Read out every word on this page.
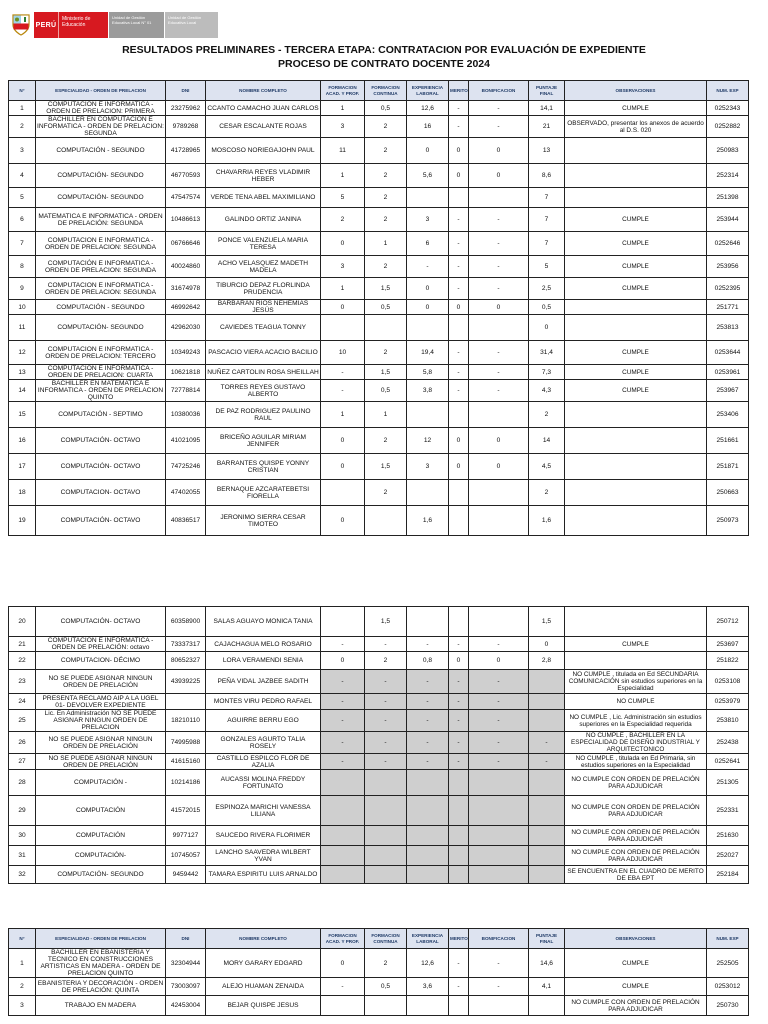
PERÚ
Ministerio de Educación
Unidad de Gestión Educativa Local N° 01
Unidad de Gestión Educativa Local
RESULTADOS PRELIMINARES - TERCERA ETAPA: CONTRATACION POR EVALUACIÓN DE EXPEDIENTE
PROCESO DE CONTRATO DOCENTE 2024
N°	ESPECIALIDAD - ORDEN DE PRELACION	DNI	NOMBRE COMPLETO	FORMACION ACAD. Y PROF.	FORMACION CONTINUA	EXPERIENCIA LABORAL	MERITO	BONIFICACION	PUNTAJE FINAL	OBSERVACIONES	NUM. EXP
1	COMPUTACION E INFORMATICA - ORDEN DE PRELACION: PRIMERA	23275962	CCANTO CAMACHO JUAN CARLOS	1	0,5	12,6	-	-	14,1	CUMPLE	0252343
2	BACHILLER EN COMPUTACION E INFORMATICA - ORDEN DE PRELACION: SEGUNDA	9789268	CESAR ESCALANTE ROJAS	3	2	16	-	-	21	OBSERVADO, presentar los anexos de acuerdo al D.S. 020	0252882
3	COMPUTACIÓN - SEGUNDO	41728965	MOSCOSO NORIEGAJOHN PAUL	11	2	0	0	0	13		250983
4	COMPUTACIÓN- SEGUNDO	46770593	CHAVARRIA REYES VLADIMIR HEBER	1	2	5,6	0	0	8,6		252314
5	COMPUTACIÓN- SEGUNDO	47547574	VERDE TENA ABEL MAXIMILIANO	5	2				7		251398
6	MATEMATICA E INFORMATICA - ORDEN DE PRELACIÓN: SEGUNDA	10486613	GALINDO ORTIZ JANINA	2	2	3	-	-	7	CUMPLE	253944
7	COMPUTACION E INFORMATICA - ORDEN DE PRELACION: SEGUNDA	06766646	PONCE VALENZUELA MARIA TERESA	0	1	6	-	-	7	CUMPLE	0252646
8	COMPUTACIÓN E INFORMATICA - ORDEN DE PRELACION: SEGUNDA	40024860	ACHO VELASQUEZ MADETH MADELA	3	2	-	-	-	5	CUMPLE	253956
9	COMPUTACION E INFORMATICA - ORDEN DE PRELACION: SEGUNDA	31674978	TIBURCIO DEPAZ FLORLINDA PRUDENCIA	1	1,5	0	-	-	2,5	CUMPLE	0252395
10	COMPUTACIÓN - SEGUNDO	46992642	BARBARAN RIOS NEHEMIAS JESÚS	0	0,5	0	0	0	0,5		251771
11	COMPUTACIÓN- SEGUNDO	42962030	CAVIEDES TEAGUA TONNY						0		253813
12	COMPUTACION E INFORMATICA - ORDEN DE PRELACION: TERCERO	10349243	PASCACIO VIERA ACACIO BACILIO	10	2	19,4	-	-	31,4	CUMPLE	0253644
13	COMPUTACION E INFORMATICA - ORDEN DE PRELACION: CUARTA	10621818	NUÑEZ CARTOLIN ROSA SHEILLAH	-	1,5	5,8	-	-	7,3	CUMPLE	0253961
14	BACHILLER EN MATEMATICA E INFORMATICA - ORDEN DE PRELACION QUINTO	72778814	TORRES REYES GUSTAVO ALBERTO	-	0,5	3,8	-	-	4,3	CUMPLE	253967
15	COMPUTACIÓN - SEPTIMO	10380036	DE PAZ RODRIGUEZ PAULINO RAUL	1	1				2		253406
16	COMPUTACIÓN- OCTAVO	41021095	BRICEÑO AGUILAR MIRIAM JENNIFER	0	2	12	0	0	14		251661
17	COMPUTACIÓN- OCTAVO	74725246	BARRANTES QUISPE YONNY CRISTIAN	0	1,5	3	0	0	4,5		251871
18	COMPUTACION- OCTAVO	47402055	BERNAQUE AZCARATEBETSI FIORELLA		2				2		250663
19	COMPUTACIÓN- OCTAVO	40836517	JERONIMO SIERRA CESAR TIMOTEO	0		1,6			1,6		250973
20	COMPUTACIÓN- OCTAVO	60358900	SALAS AGUAYO MONICA TANIA		1,5				1,5		250712
21	COMPUTACION E INFORMATICA - ORDEN DE PRELACIÓN: octavo	73337317	CAJACHAGUA MELO ROSARIO	-	-	-	-	-	0	CUMPLE	253697
22	COMPUTACION- DÉCIMO	80652327	LORA VERAMENDI SENIA	0	2	0,8	0	0	2,8		251822
23	NO SE PUEDE ASIGNAR NINGUN ORDEN DE PRELACIÓN	43939225	PEÑA VIDAL JAZBEE SADITH	-	-	-	-	-		NO CUMPLE , titulada en Ed SECUNDARIA COMUNICACIÓN sin estudios superiores en la Especialidad	0253108
24	PRESENTA RECLAMO AIP A LA UGEL 01- DEVOLVER EXPEDIENTE		MONTES VIRU PEDRO RAFAEL	-	-	-	-	-		NO CUMPLE	0253979
25	Lic. En Administración NO SE PUEDE ASIGNAR NINGUN ORDEN DE PRELACION	18210110	AGUIRRE BERRU EGO	-	-	-	-	-		NO CUMPLE , Lic. Administración sin estudios superiores en la Especialidad requerida	253810
26	NO SE PUEDE ASIGNAR NINGUN ORDEN DE PRELACIÓN	74995988	GONZALES AGURTO TALIA ROSELY	-	-	-	-	-	-	NO CUMPLE , BACHILLER EN LA ESPECIALIDAD DE DISEÑO INDUSTRIAL Y ARQUITECTONICO	252438
27	NO SE PUEDE ASIGNAR NINGUN ORDEN DE PRELACIÓN	41615160	CASTILLO ESPILCO FLOR DE AZALIA	-	-	-	-	-	-	NO CUMPLE , titulada en Ed Primaria, sin estudios superiores en la Especialidad	0252641
28	COMPUTACIÓN -	10214186	AUCASSI MOLINA FREDDY FORTUNATO							NO CUMPLE CON ORDEN DE PRELACIÓN PARA ADJUDICAR	251305
29	COMPUTACIÓN	41572015	ESPINOZA MARICHI VANESSA LILIANA							NO CUMPLE CON ORDEN DE PRELACIÓN PARA ADJUDICAR	252331
30	COMPUTACIÓN	9977127	SAUCEDO RIVERA FLORIMER							NO CUMPLE CON ORDEN DE PRELACIÓN PARA ADJUDICAR	251630
31	COMPUTACIÓN-	10745057	LANCHO SAAVEDRA WILBERT YVAN							NO CUMPLE CON ORDEN DE PRELACIÓN PARA ADJUDICAR	252027
32	COMPUTACIÓN- SEGUNDO	9459442	TAMARA ESPIRITU LUIS ARNALDO							SE ENCUENTRA EN EL CUADRO DE MERITO DE EBA EPT	252184
N°	ESPECIALIDAD - ORDEN DE PRELACION	DNI	NOMBRE COMPLETO	FORMACION ACAD. Y PROF.	FORMACION CONTINUA	EXPERIENCIA LABORAL	MERITO	BONIFICACION	PUNTAJE FINAL	OBSERVACIONES	NUM. EXP
1	BACHILLER EN EBANISTERIA Y TECNICO EN CONSTRUCCIONES ARTISTICAS EN MADERA - ORDEN DE PRELACION QUINTO	32304944	MORY GARARY EDGARD	0	2	12,6	-	-	14,6	CUMPLE	252505
2	EBANISTERIA Y DECORACIÓN - ORDEN DE PRELACIÓN: QUINTA	73003097	ALEJO HUAMAN ZENAIDA	-	0,5	3,6	-	-	4,1	CUMPLE	0253012
3	TRABAJO EN MADERA	42453004	BEJAR QUISPE JESUS							NO CUMPLE CON ORDEN DE PRELACIÓN PARA ADJUDICAR	250730
